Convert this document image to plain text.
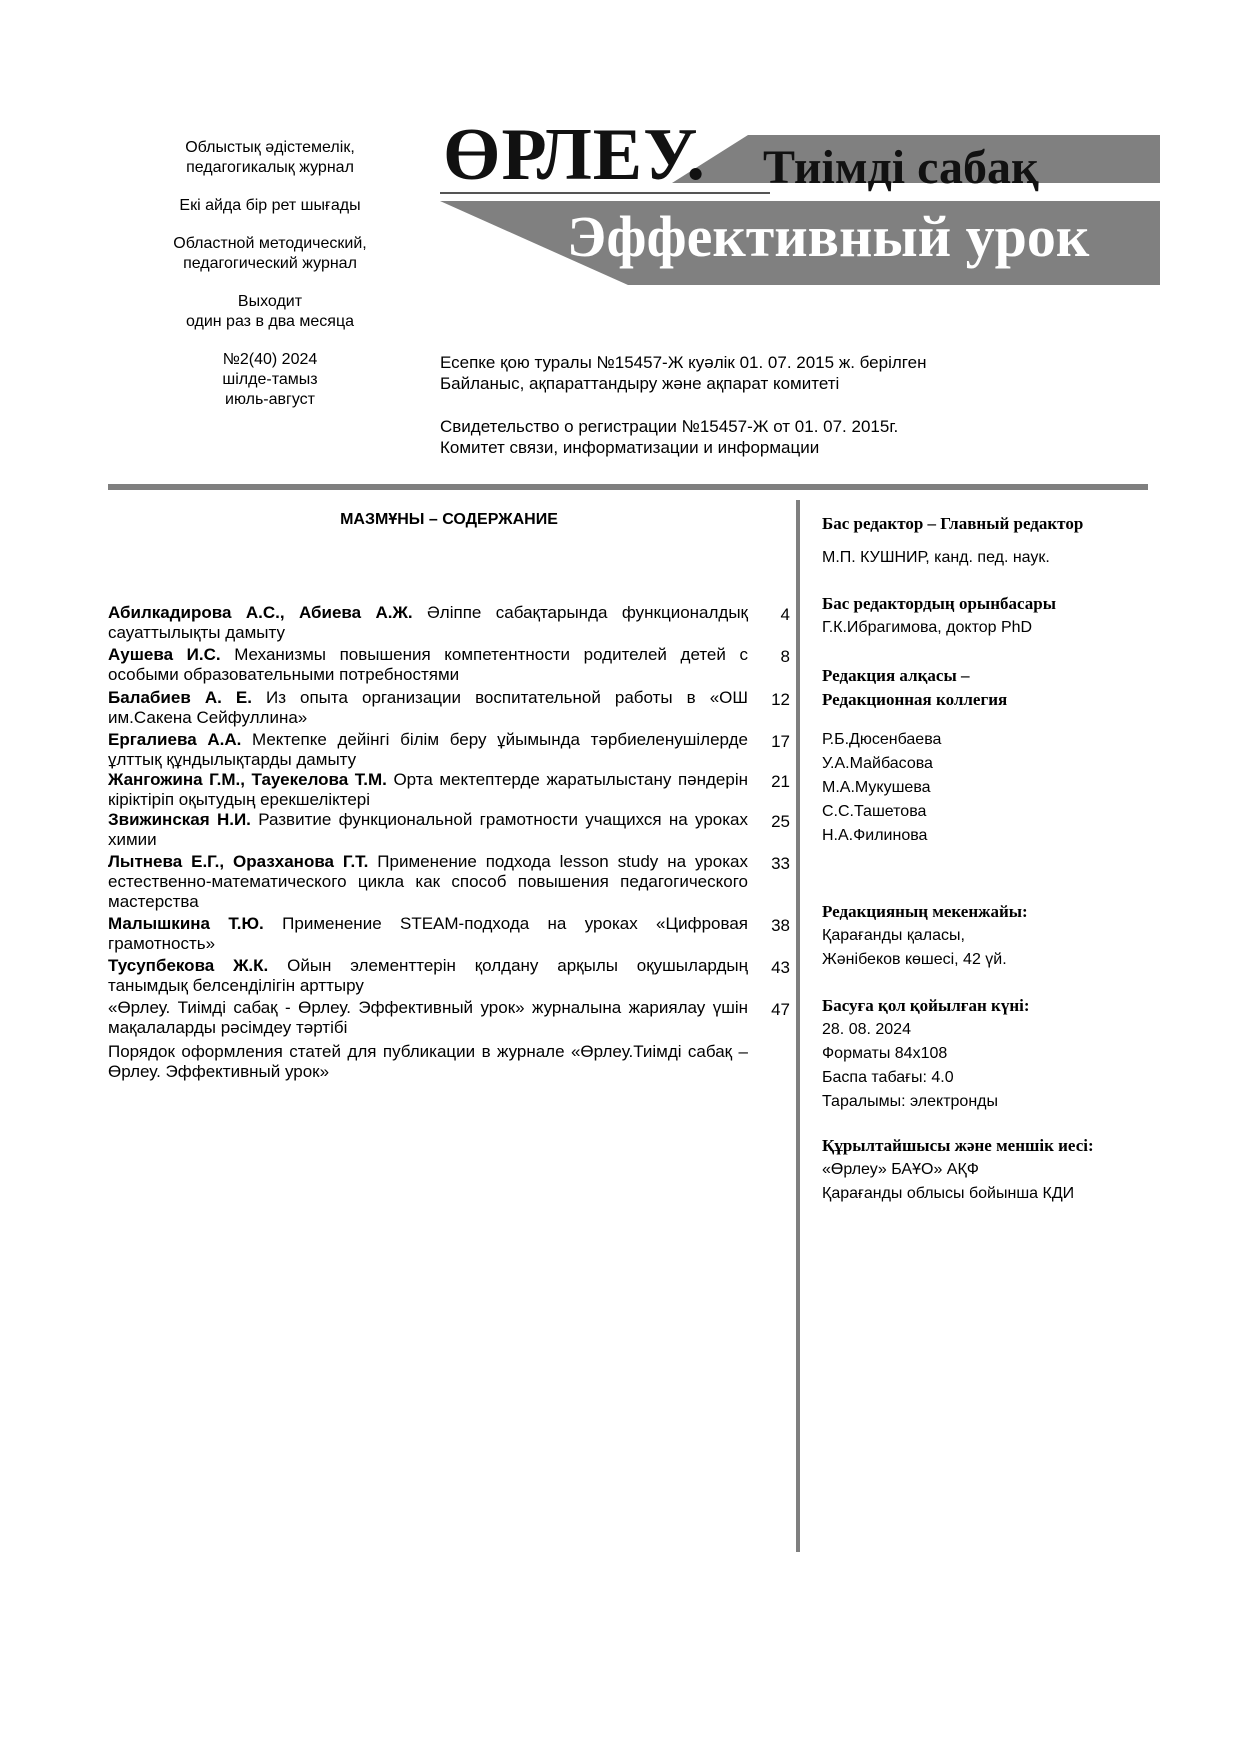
Облыстық әдістемелік,
педагогикалық журнал
Екі айда бір рет шығады
Областной методический,
педагогический журнал
Выходит
один раз в два месяца
№2(40) 2024
шілде-тамыз
июль-август
ӨРЛЕУ. Тиімді сабақ
Эффективный урок
Есепке қою туралы №15457-Ж куәлік 01. 07. 2015 ж. берілген
Байланыс, ақпараттандыру және ақпарат комитеті
Свидетельство о регистрации №15457-Ж от 01. 07. 2015г.
Комитет связи, информатизации и информации
МАЗМҰНЫ – СОДЕРЖАНИЕ
Абилкадирова А.С., Абиева А.Ж. Әліппе сабақтарында функционалдық сауаттылықты дамыту
4
Аушева И.С. Механизмы повышения компетентности родителей детей с особыми образовательными потребностями
8
Балабиев А. Е. Из опыта организации воспитательной работы в «ОШ им.Сакена Сейфуллина»
12
Ергалиева А.А. Мектепке дейінгі білім беру ұйымында тәрбиеленушілерде ұлттық құндылықтарды дамыту
17
Жангожина Г.М., Тауекелова Т.М. Орта мектептерде жаратылыстану пәндерін кіріктіріп оқытудың ерекшеліктері
21
Звижинская Н.И. Развитие функциональной грамотности учащихся на уроках химии
25
Лытнева Е.Г., Оразханова Г.Т. Применение подхода lesson study на уроках естественно-математического цикла как способ повышения педагогического мастерства
33
Малышкина Т.Ю. Применение STEAM-подхода на уроках «Цифровая грамотность»
38
Тусупбекова Ж.К. Ойын элементтерін қолдану арқылы оқушылардың танымдық белсенділігін арттыру
43
«Өрлеу. Тиімді сабақ - Өрлеу. Эффективный урок» журналына жариялау үшін мақалаларды рәсімдеу тәртібі
47
Порядок оформления статей для публикации в журнале «Өрлеу.Тиімді сабақ – Өрлеу. Эффективный урок»
Бас редактор – Главный редактор
М.П. КУШНИР, канд. пед. наук.
Бас редактордың орынбасары
Г.К.Ибрагимова, доктор PhD
Редакция алқасы –
Редакционная коллегия
Р.Б.Дюсенбаева
У.А.Майбасова
М.А.Мукушева
С.С.Ташетова
Н.А.Филинова
Редакцияның мекенжайы:
Қарағанды қаласы,
Жәнібеков көшесі, 42 үй.
Басуға қол қойылған күні:
28. 08. 2024
Форматы 84х108
Баспа табағы: 4.0
Таралымы: электронды
Құрылтайшысы және меншік иесі:
«Өрлеу» БАҰО» АҚФ
Қарағанды облысы бойынша КДИ
